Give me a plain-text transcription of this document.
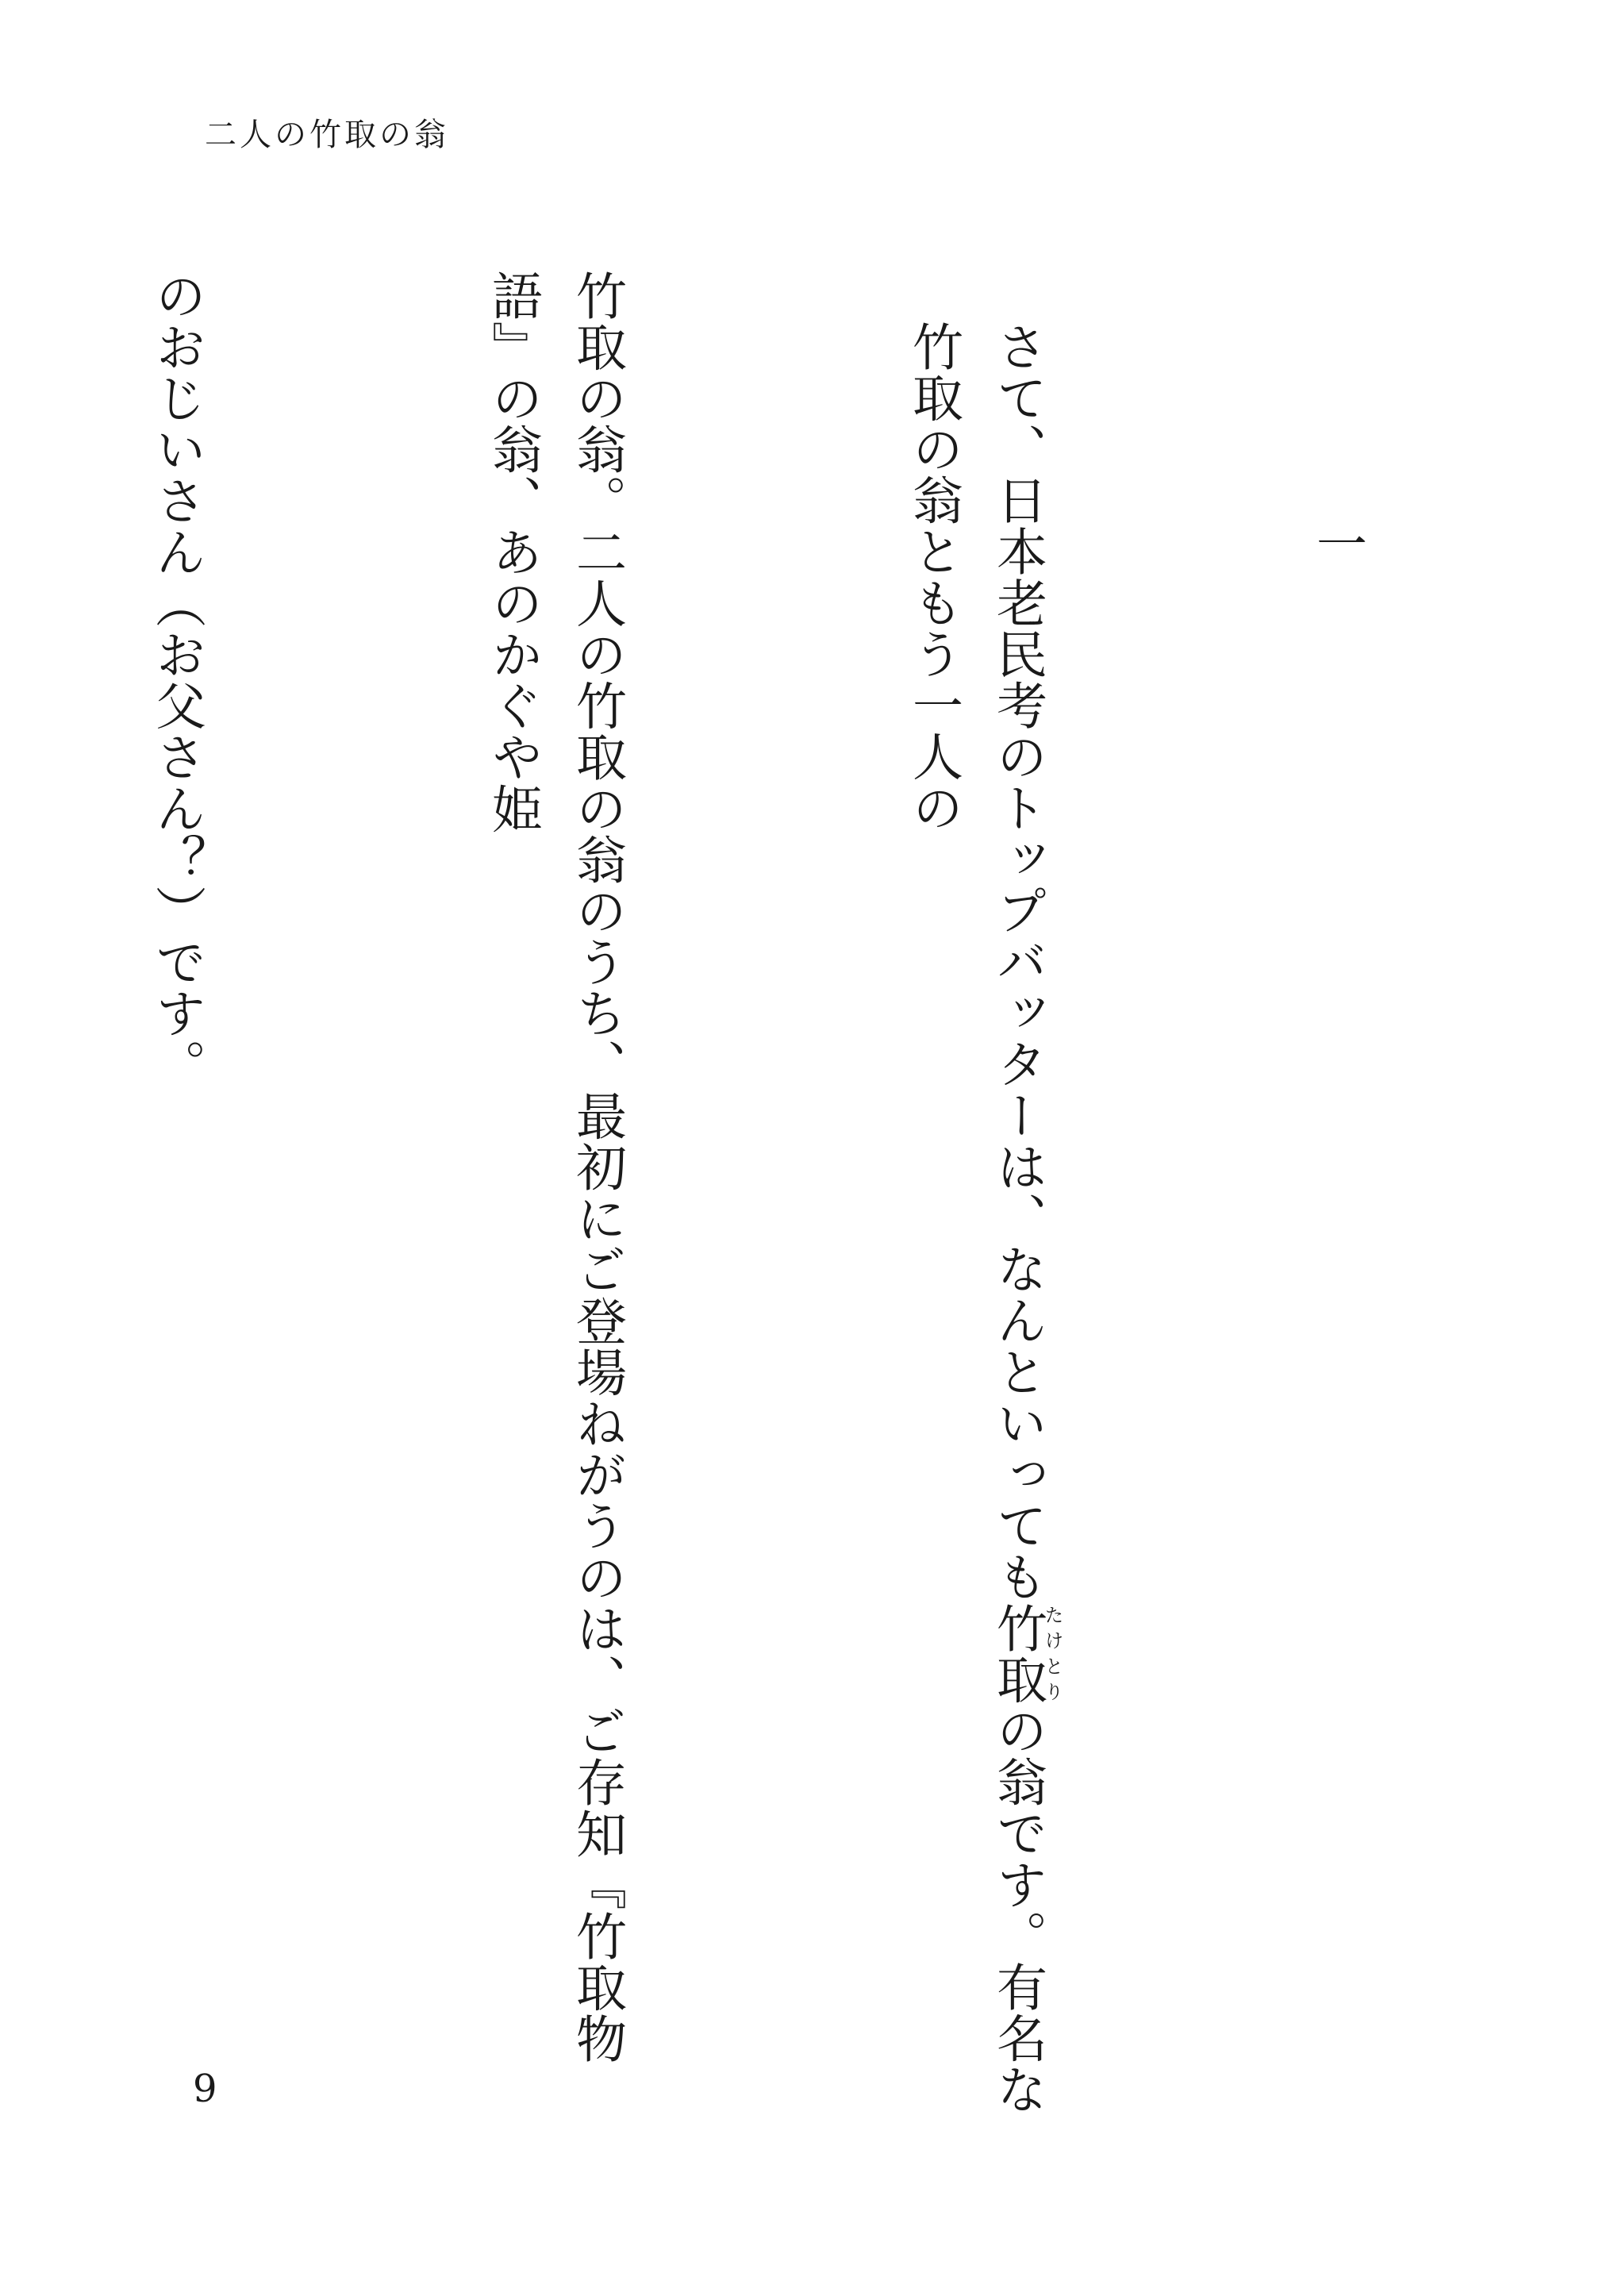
二人の竹取の翁

一

さて、日本老民考のトップバッターは、なんといっても竹取たけとりの翁です。有名な竹取の翁ともう一人の

竹取の翁。二人の竹取の翁のうち、最初にご登場ねがうのは、ご存知『竹取物語』の翁、あのかぐや姫

のおじいさん（お父さん？）です。

9
